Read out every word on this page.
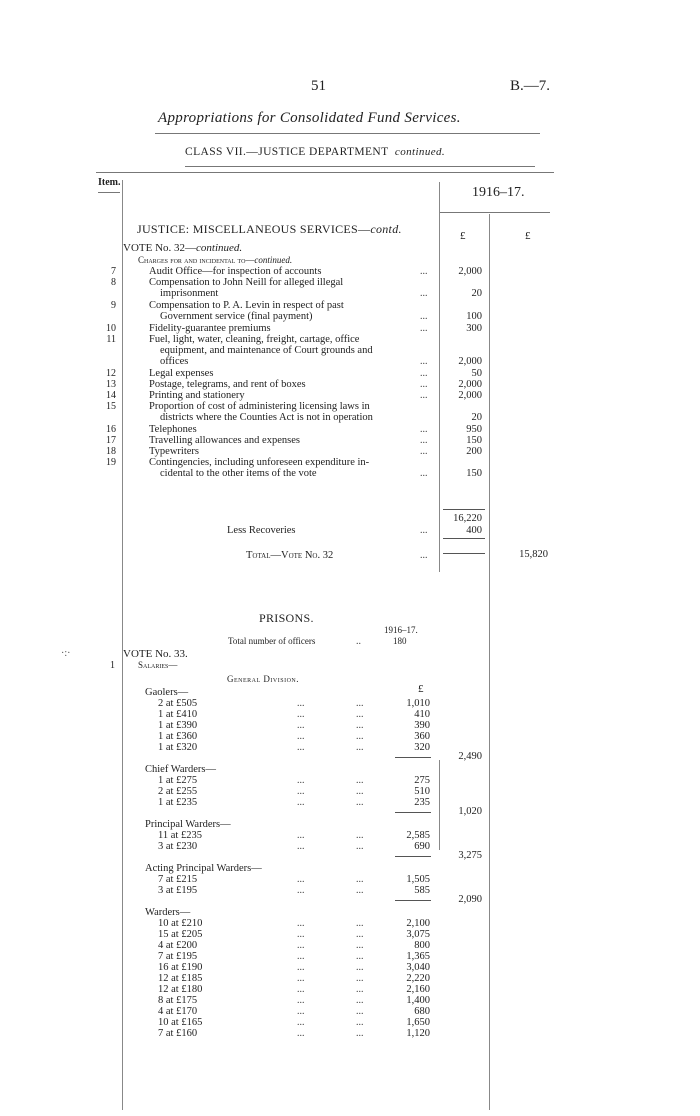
51	B.—7.
Appropriations for Consolidated Fund Services.
CLASS VII.—JUSTICE DEPARTMENT continued.
Item.
1916–17.
£	£
JUSTICE: MISCELLANEOUS SERVICES—contd.
VOTE No. 32—continued.
Charges for and incidental to—continued.
7	Audit Office—for inspection of accounts	...	2,000
8	Compensation to John Neill for alleged illegal
imprisonment	...	20
9	Compensation to P. A. Levin in respect of past
Government service (final payment)	...	100
10	Fidelity-guarantee premiums	...	300
11	Fuel, light, water, cleaning, freight, cartage, office
equipment, and maintenance of Court grounds and
offices	...	2,000
12	Legal expenses	...	50
13	Postage, telegrams, and rent of boxes	...	2,000
14	Printing and stationery	...	2,000
15	Proportion of cost of administering licensing laws in
districts where the Counties Act is not in operation	20
16	Telephones	...	950
17	Travelling allowances and expenses	...	150
18	Typewriters	...	200
19	Contingencies, including unforeseen expenditure in-
cidental to the other items of the vote	...	150
16,220
Less Recoveries	...	400
Total—Vote No. 32	...	15,820
PRISONS.
1916–17.
Total number of officers	..	180
VOTE No. 33.
1	Salaries—
General Division.
£
Gaolers—
2 at £505	...	...	1,010
1 at £410	...	...	410
1 at £390	...	...	390
1 at £360	...	...	360
1 at £320	...	...	320
2,490
Chief Warders—
1 at £275	...	...	275
2 at £255	...	...	510
1 at £235	...	...	235
1,020
Principal Warders—
11 at £235	...	...	2,585
3 at £230	...	...	690
3,275
Acting Principal Warders—
7 at £215	...	...	1,505
3 at £195	...	...	585
2,090
Warders—
10 at £210	...	...	2,100
15 at £205	...	...	3,075
4 at £200	...	...	800
7 at £195	...	...	1,365
16 at £190	...	...	3,040
12 at £185	...	...	2,220
12 at £180	...	...	2,160
8 at £175	...	...	1,400
4 at £170	...	...	680
10 at £165	...	...	1,650
7 at £160	...	...	1,120
·:·
